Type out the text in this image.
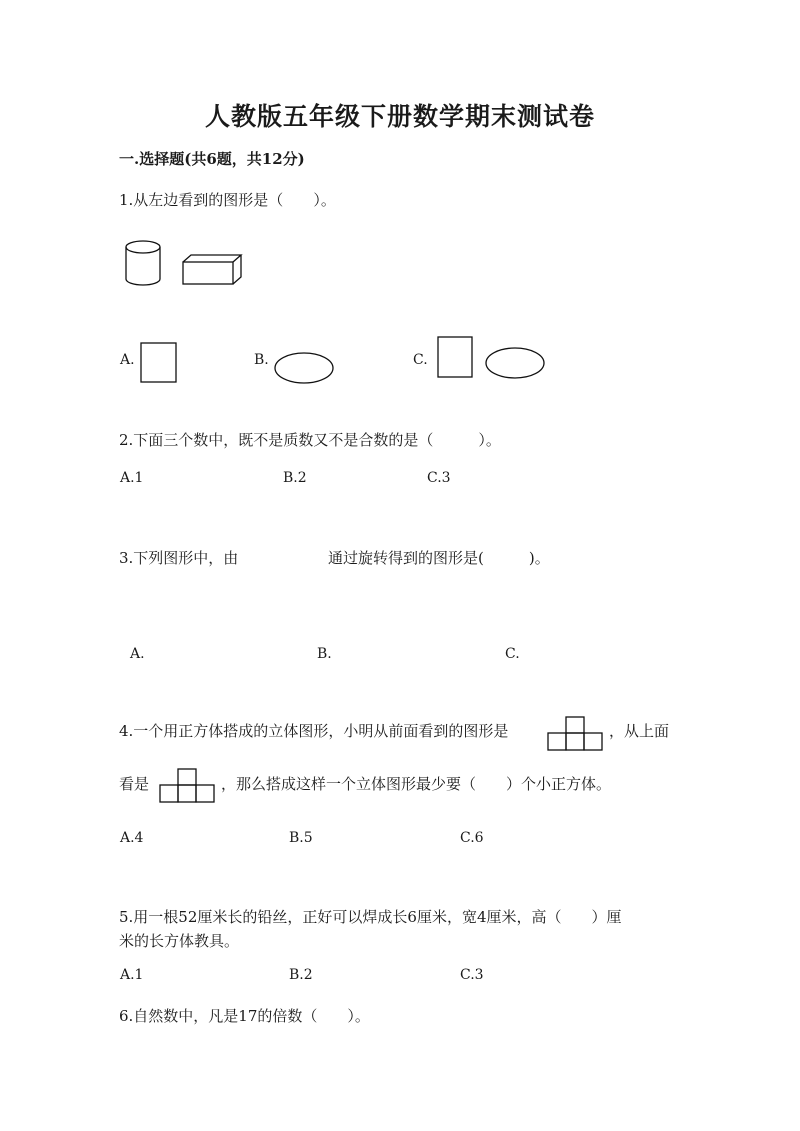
人教版五年级下册数学期末测试卷
一.选择题(共6题，共12分)
1.从左边看到的图形是（　　）。
A.	B.	C.
2.下面三个数中，既不是质数又不是合数的是（　　　）。
A.1	B.2	C.3
3.下列图形中，由	通过旋转得到的图形是(　　　)。
A.	B.	C.
4.一个用正方体搭成的立体图形，小明从前面看到的图形是	，从上面
看是	，那么搭成这样一个立体图形最少要（　　）个小正方体。
A.4	B.5	C.6
5.用一根52厘米长的铅丝，正好可以焊成长6厘米，宽4厘米，高（　　）厘
米的长方体教具。
A.1	B.2	C.3
6.自然数中，凡是17的倍数（　　）。
